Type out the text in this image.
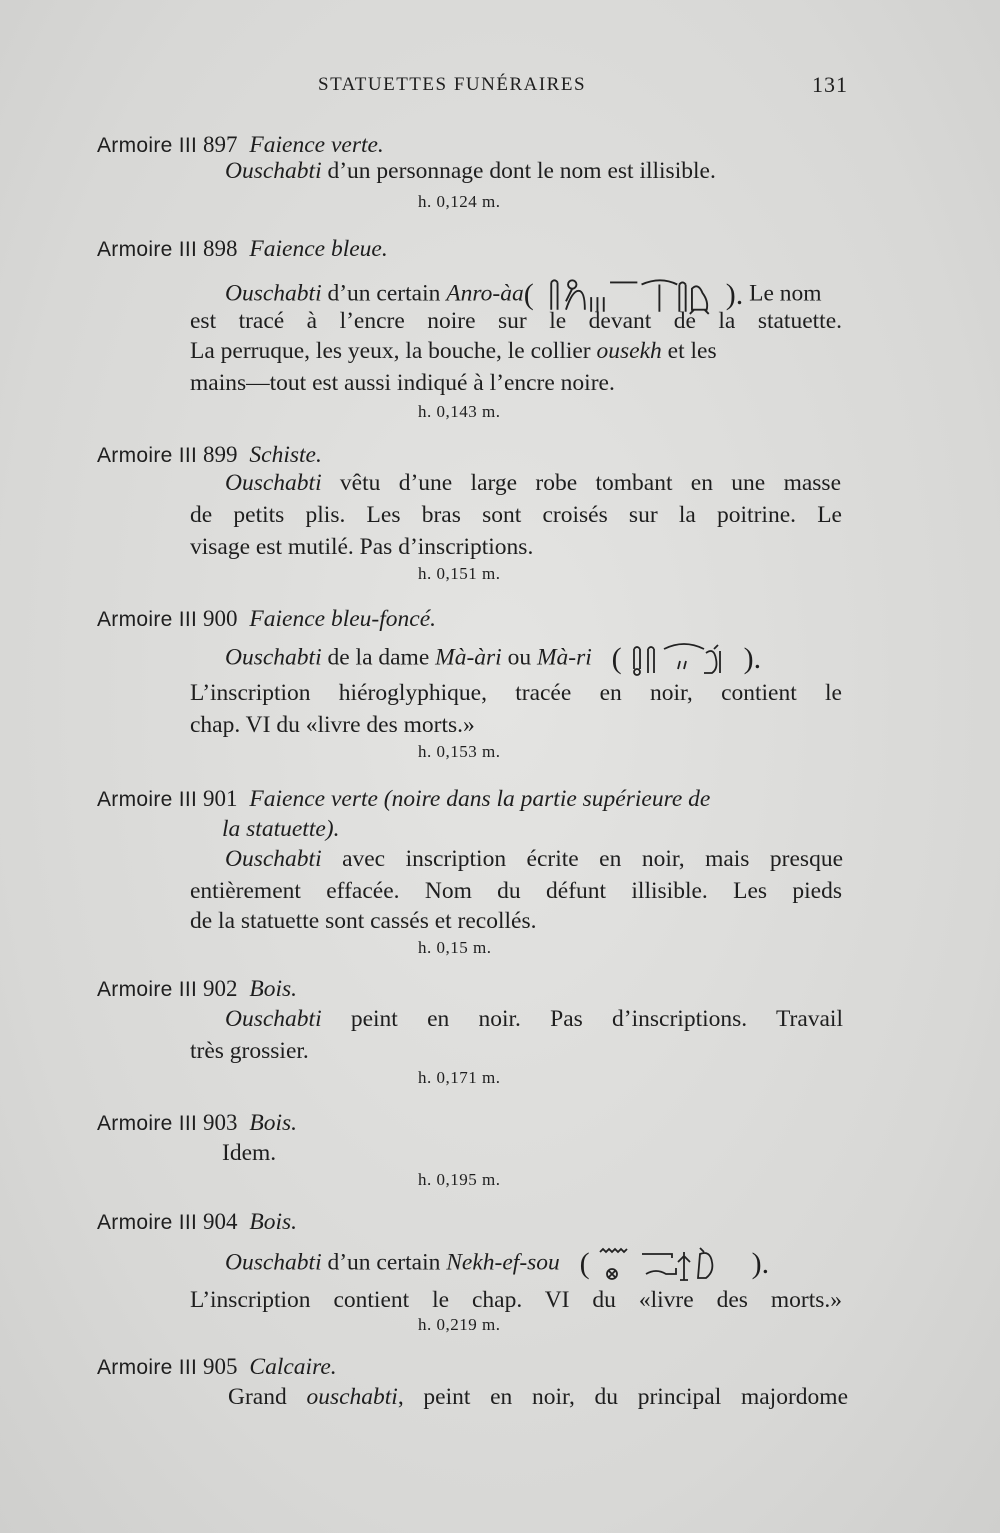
STATUETTES FUNÉRAIRES	131
Armoire III 897 Faience verte.
Ouschabti d’un personnage dont le nom est illisible.
h. 0,124 m.
Armoire III 898 Faience bleue.
Ouschabti d’un certain Anro-àa(	). Le nom
est tracé à l’encre noire sur le devant de la statuette.
La perruque, les yeux, la bouche, le collier ousekh et les
mains—tout est aussi indiqué à l’encre noire.
h. 0,143 m.
Armoire III 899 Schiste.
Ouschabti vêtu d’une large robe tombant en une masse
de petits plis. Les bras sont croisés sur la poitrine. Le
visage est mutilé. Pas d’inscriptions.
h. 0,151 m.
Armoire III 900 Faience bleu-foncé.
Ouschabti de la dame Mà-àri ou Mà-ri (	).
L’inscription hiéroglyphique, tracée en noir, contient le
chap. VI du «livre des morts.»
h. 0,153 m.
Armoire III 901 Faience verte (noire dans la partie supérieure de
la statuette).
Ouschabti avec inscription écrite en noir, mais presque
entièrement effacée. Nom du défunt illisible. Les pieds
de la statuette sont cassés et recollés.
h. 0,15 m.
Armoire III 902 Bois.
Ouschabti peint en noir. Pas d’inscriptions. Travail
très grossier.
h. 0,171 m.
Armoire III 903 Bois.
Idem.
h. 0,195 m.
Armoire III 904 Bois.
Ouschabti d’un certain Nekh-ef-sou (	).
L’inscription contient le chap. VI du «livre des morts.»
h. 0,219 m.
Armoire III 905 Calcaire.
Grand ouschabti, peint en noir, du principal majordome
